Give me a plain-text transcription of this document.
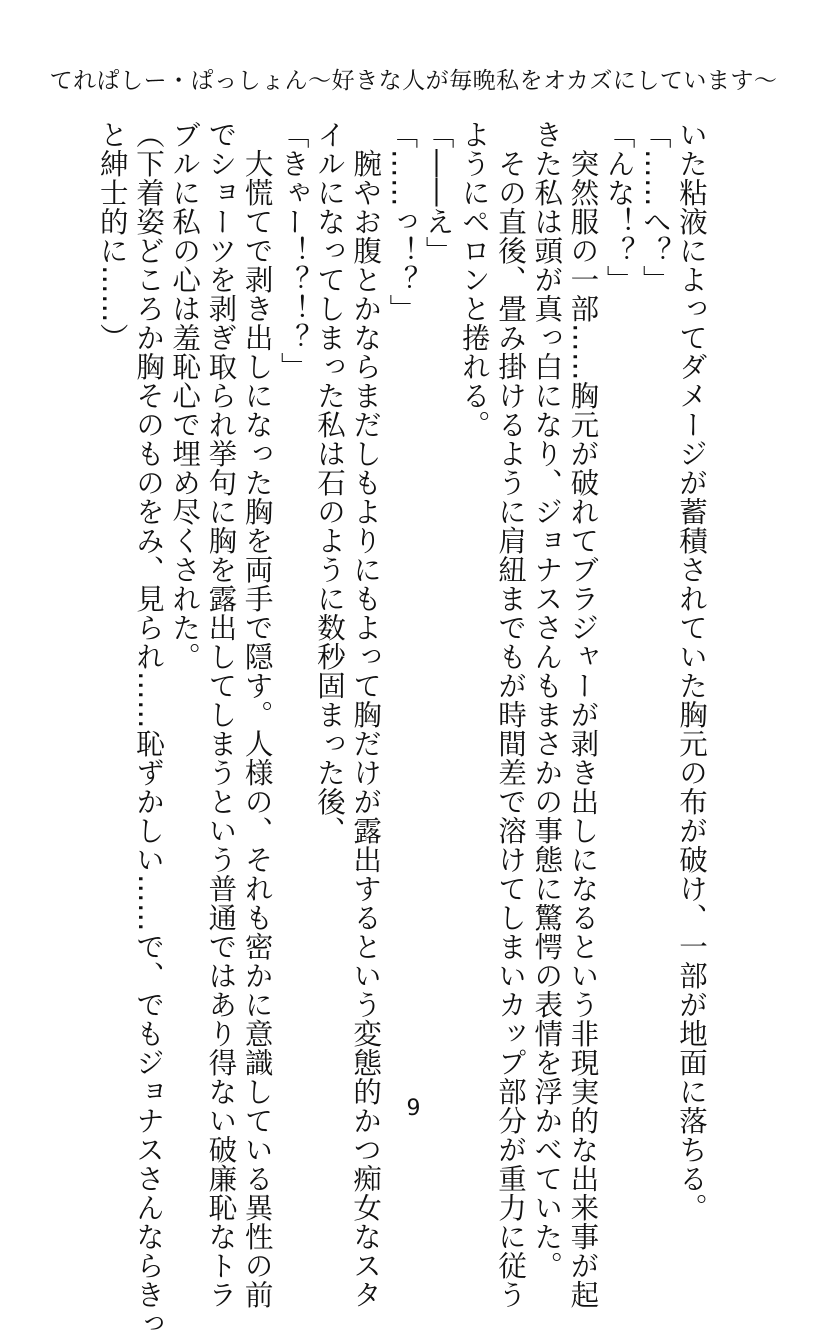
てれぱしー・ぱっしょん〜好きな人が毎晩私をオカズにしています〜
いた粘液によってダメージが蓄積されていた胸元の布が破け、一部が地面に落ちる。
「……へ？」
「んな！？」
　突然服の一部……胸元が破れてブラジャーが剥き出しになるという非現実的な出来事が起
きた私は頭が真っ白になり、ジョナスさんもまさかの事態に驚愕の表情を浮かべていた。
　その直後、畳み掛けるように肩紐までもが時間差で溶けてしまいカップ部分が重力に従う
ようにペロンと捲れる。
「――え」
「……っ！？」
　腕やお腹とかならまだしもよりにもよって胸だけが露出するという変態的かつ痴女なスタ
イルになってしまった私は石のように数秒固まった後、
「きゃー！？！？」
　大慌てで剥き出しになった胸を両手で隠す。人様の、それも密かに意識している異性の前
でショーツを剥ぎ取られ挙句に胸を露出してしまうという普通ではあり得ない破廉恥なトラ
ブルに私の心は羞恥心で埋め尽くされた。
（下着姿どころか胸そのものをみ、見られ……恥ずかしい……で、でもジョナスさんならきっ
と紳士的に……）
9
